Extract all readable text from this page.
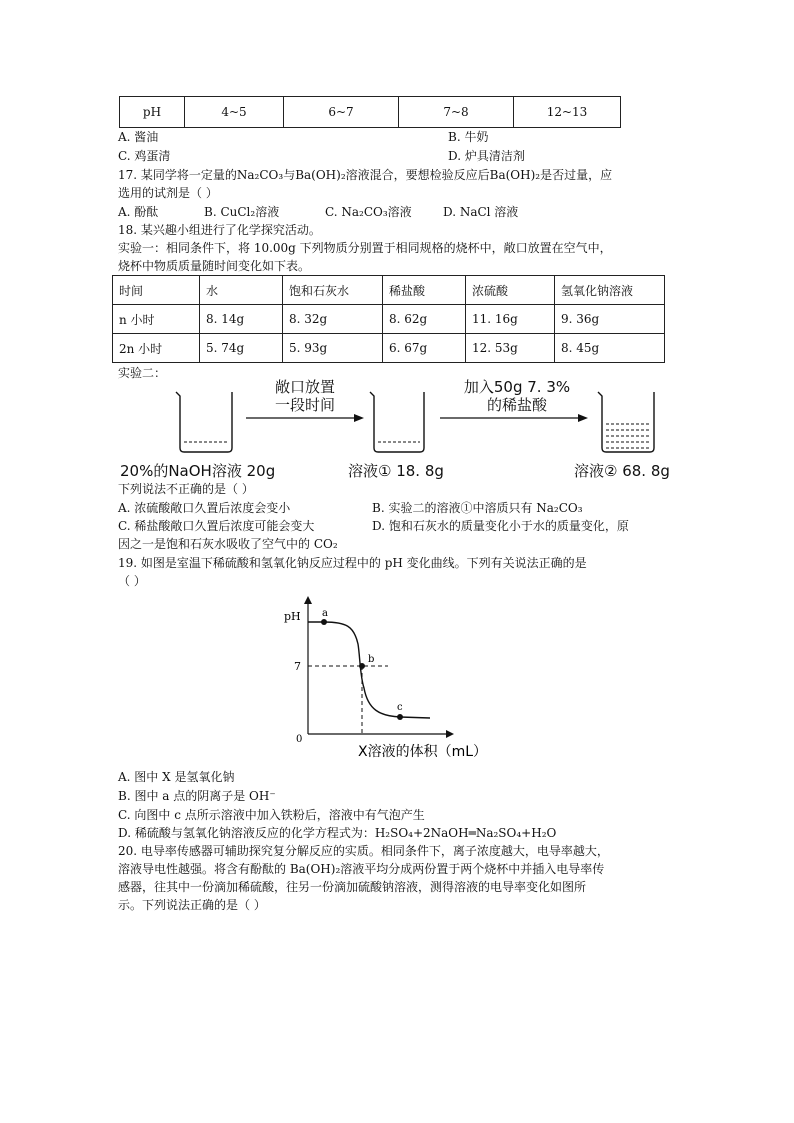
pH	4~5	6~7	7~8	12~13
A. 酱油	B. 牛奶
C. 鸡蛋清	D. 炉具清洁剂
17. 某同学将一定量的Na₂CO₃与Ba(OH)₂溶液混合，要想检验反应后Ba(OH)₂是否过量，应
选用的试剂是（ ）
A. 酚酞	B. CuCl₂溶液	C. Na₂CO₃溶液	D. NaCl 溶液
18. 某兴趣小组进行了化学探究活动。
实验一：相同条件下，将 10.00g 下列物质分别置于相同规格的烧杯中，敞口放置在空气中，
烧杯中物质质量随时间变化如下表。
时间	水	饱和石灰水	稀盐酸	浓硫酸	氢氧化钠溶液
n 小时	8. 14g	8. 32g	8. 62g	11. 16g	9. 36g
2n 小时	5. 74g	5. 93g	6. 67g	12. 53g	8. 45g
实验二：
敞口放置
一段时间
加入50g 7. 3%
的稀盐酸
20%的NaOH溶液 20g	溶液① 18. 8g	溶液② 68. 8g
下列说法不正确的是（ ）
A. 浓硫酸敞口久置后浓度会变小	B. 实验二的溶液①中溶质只有 Na₂CO₃
C. 稀盐酸敞口久置后浓度可能会变大	D. 饱和石灰水的质量变化小于水的质量变化，原
因之一是饱和石灰水吸收了空气中的 CO₂
19. 如图是室温下稀硫酸和氢氧化钠反应过程中的 pH 变化曲线。下列有关说法正确的是
（ ）
pH
7
0
a
b
c
X溶液的体积（mL）
A. 图中 X 是氢氧化钠
B. 图中 a 点的阴离子是 OH⁻
C. 向图中 c 点所示溶液中加入铁粉后，溶液中有气泡产生
D. 稀硫酸与氢氧化钠溶液反应的化学方程式为：H₂SO₄+2NaOH═Na₂SO₄+H₂O
20. 电导率传感器可辅助探究复分解反应的实质。相同条件下，离子浓度越大，电导率越大，
溶液导电性越强。将含有酚酞的 Ba(OH)₂溶液平均分成两份置于两个烧杯中并插入电导率传
感器，往其中一份滴加稀硫酸，往另一份滴加硫酸钠溶液，测得溶液的电导率变化如图所
示。下列说法正确的是（ ）
